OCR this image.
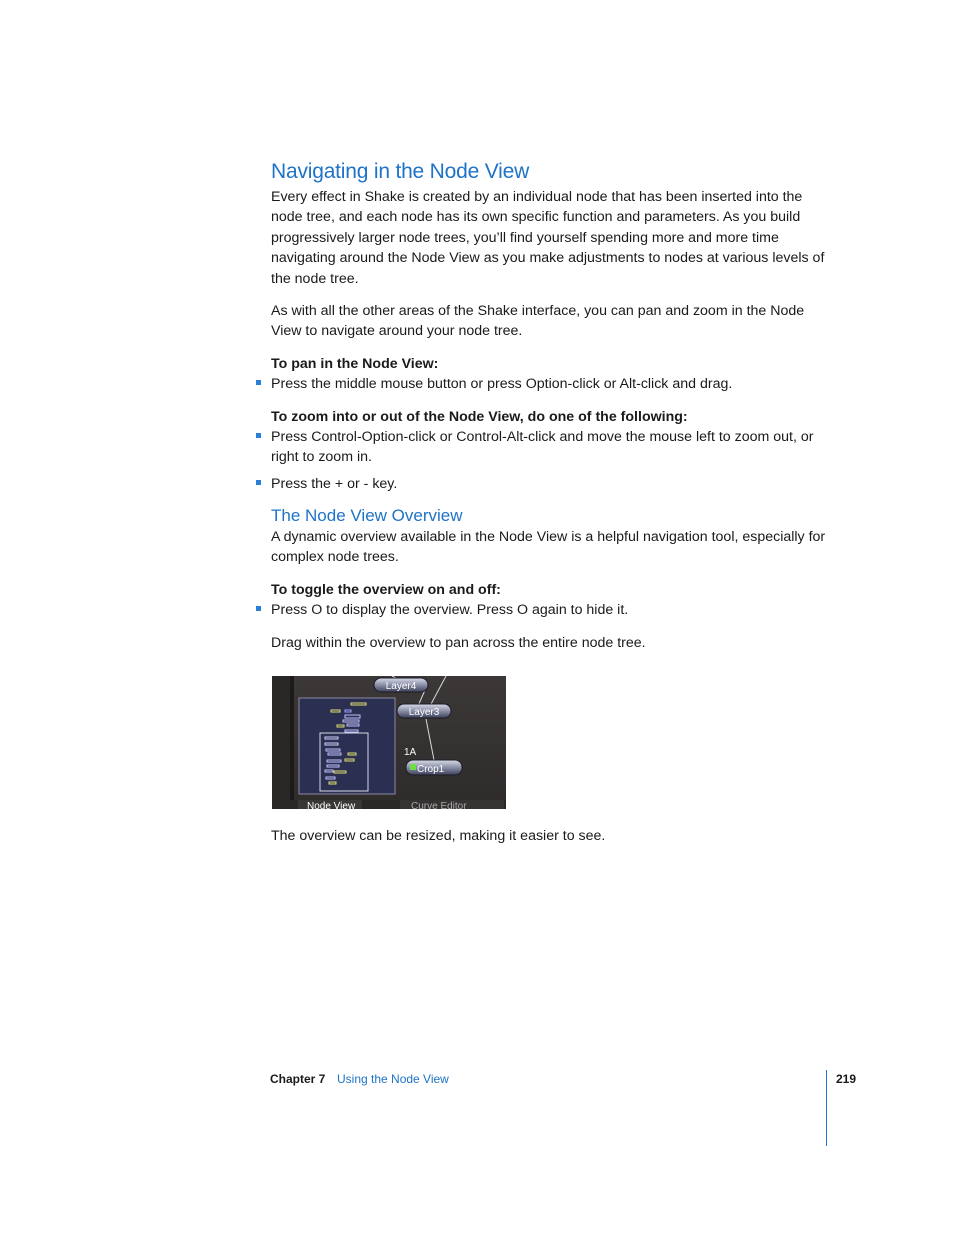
Navigating in the Node View

Every effect in Shake is created by an individual node that has been inserted into the node tree, and each node has its own specific function and parameters. As you build progressively larger node trees, you’ll find yourself spending more and more time navigating around the Node View as you make adjustments to nodes at various levels of the node tree.

As with all the other areas of the Shake interface, you can pan and zoom in the Node View to navigate around your node tree.

To pan in the Node View:

Press the middle mouse button or press Option-click or Alt-click and drag.

To zoom into or out of the Node View, do one of the following:

Press Control-Option-click or Control-Alt-click and move the mouse left to zoom out, or right to zoom in.
Press the + or - key.
The Node View Overview

A dynamic overview available in the Node View is a helpful navigation tool, especially for complex node trees.

To toggle the overview on and off:

Press O to display the overview. Press O again to hide it.

Drag within the overview to pan across the entire node tree.

Layer4
Layer3
1A
Crop1
Node View	Curve Editor

The overview can be resized, making it easier to see.

Chapter 7 Using the Node View	219
